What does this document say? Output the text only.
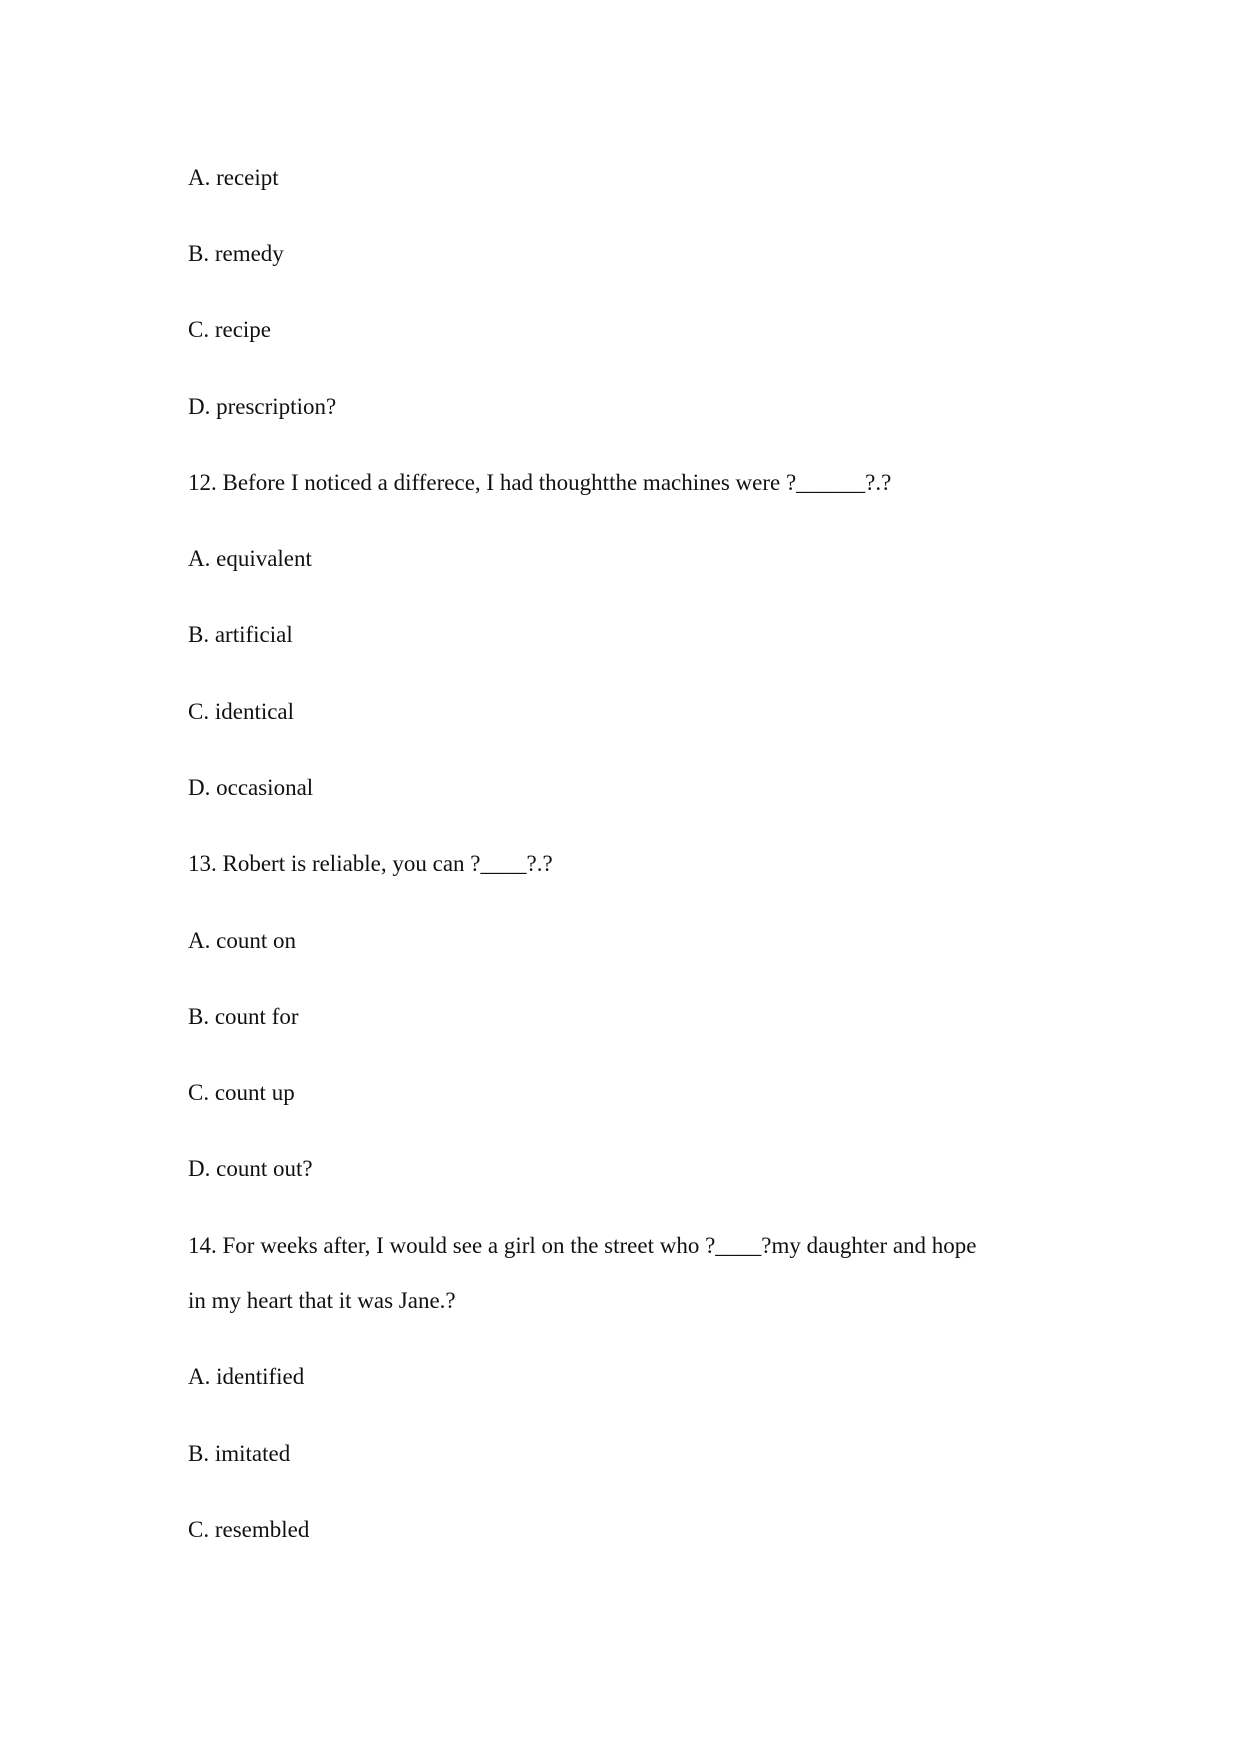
A. receipt
B. remedy
C. recipe
D. prescription?
12. Before I noticed a differece, I had thoughtthe machines were ?______?.?
A. equivalent
B. artificial
C. identical
D. occasional
13. Robert is reliable, you can ?____?.?
A. count on
B. count for
C. count up
D. count out?
14. For weeks after, I would see a girl on the street who ?____?my daughter and hope
in my heart that it was Jane.?
A. identified
B. imitated
C. resembled
